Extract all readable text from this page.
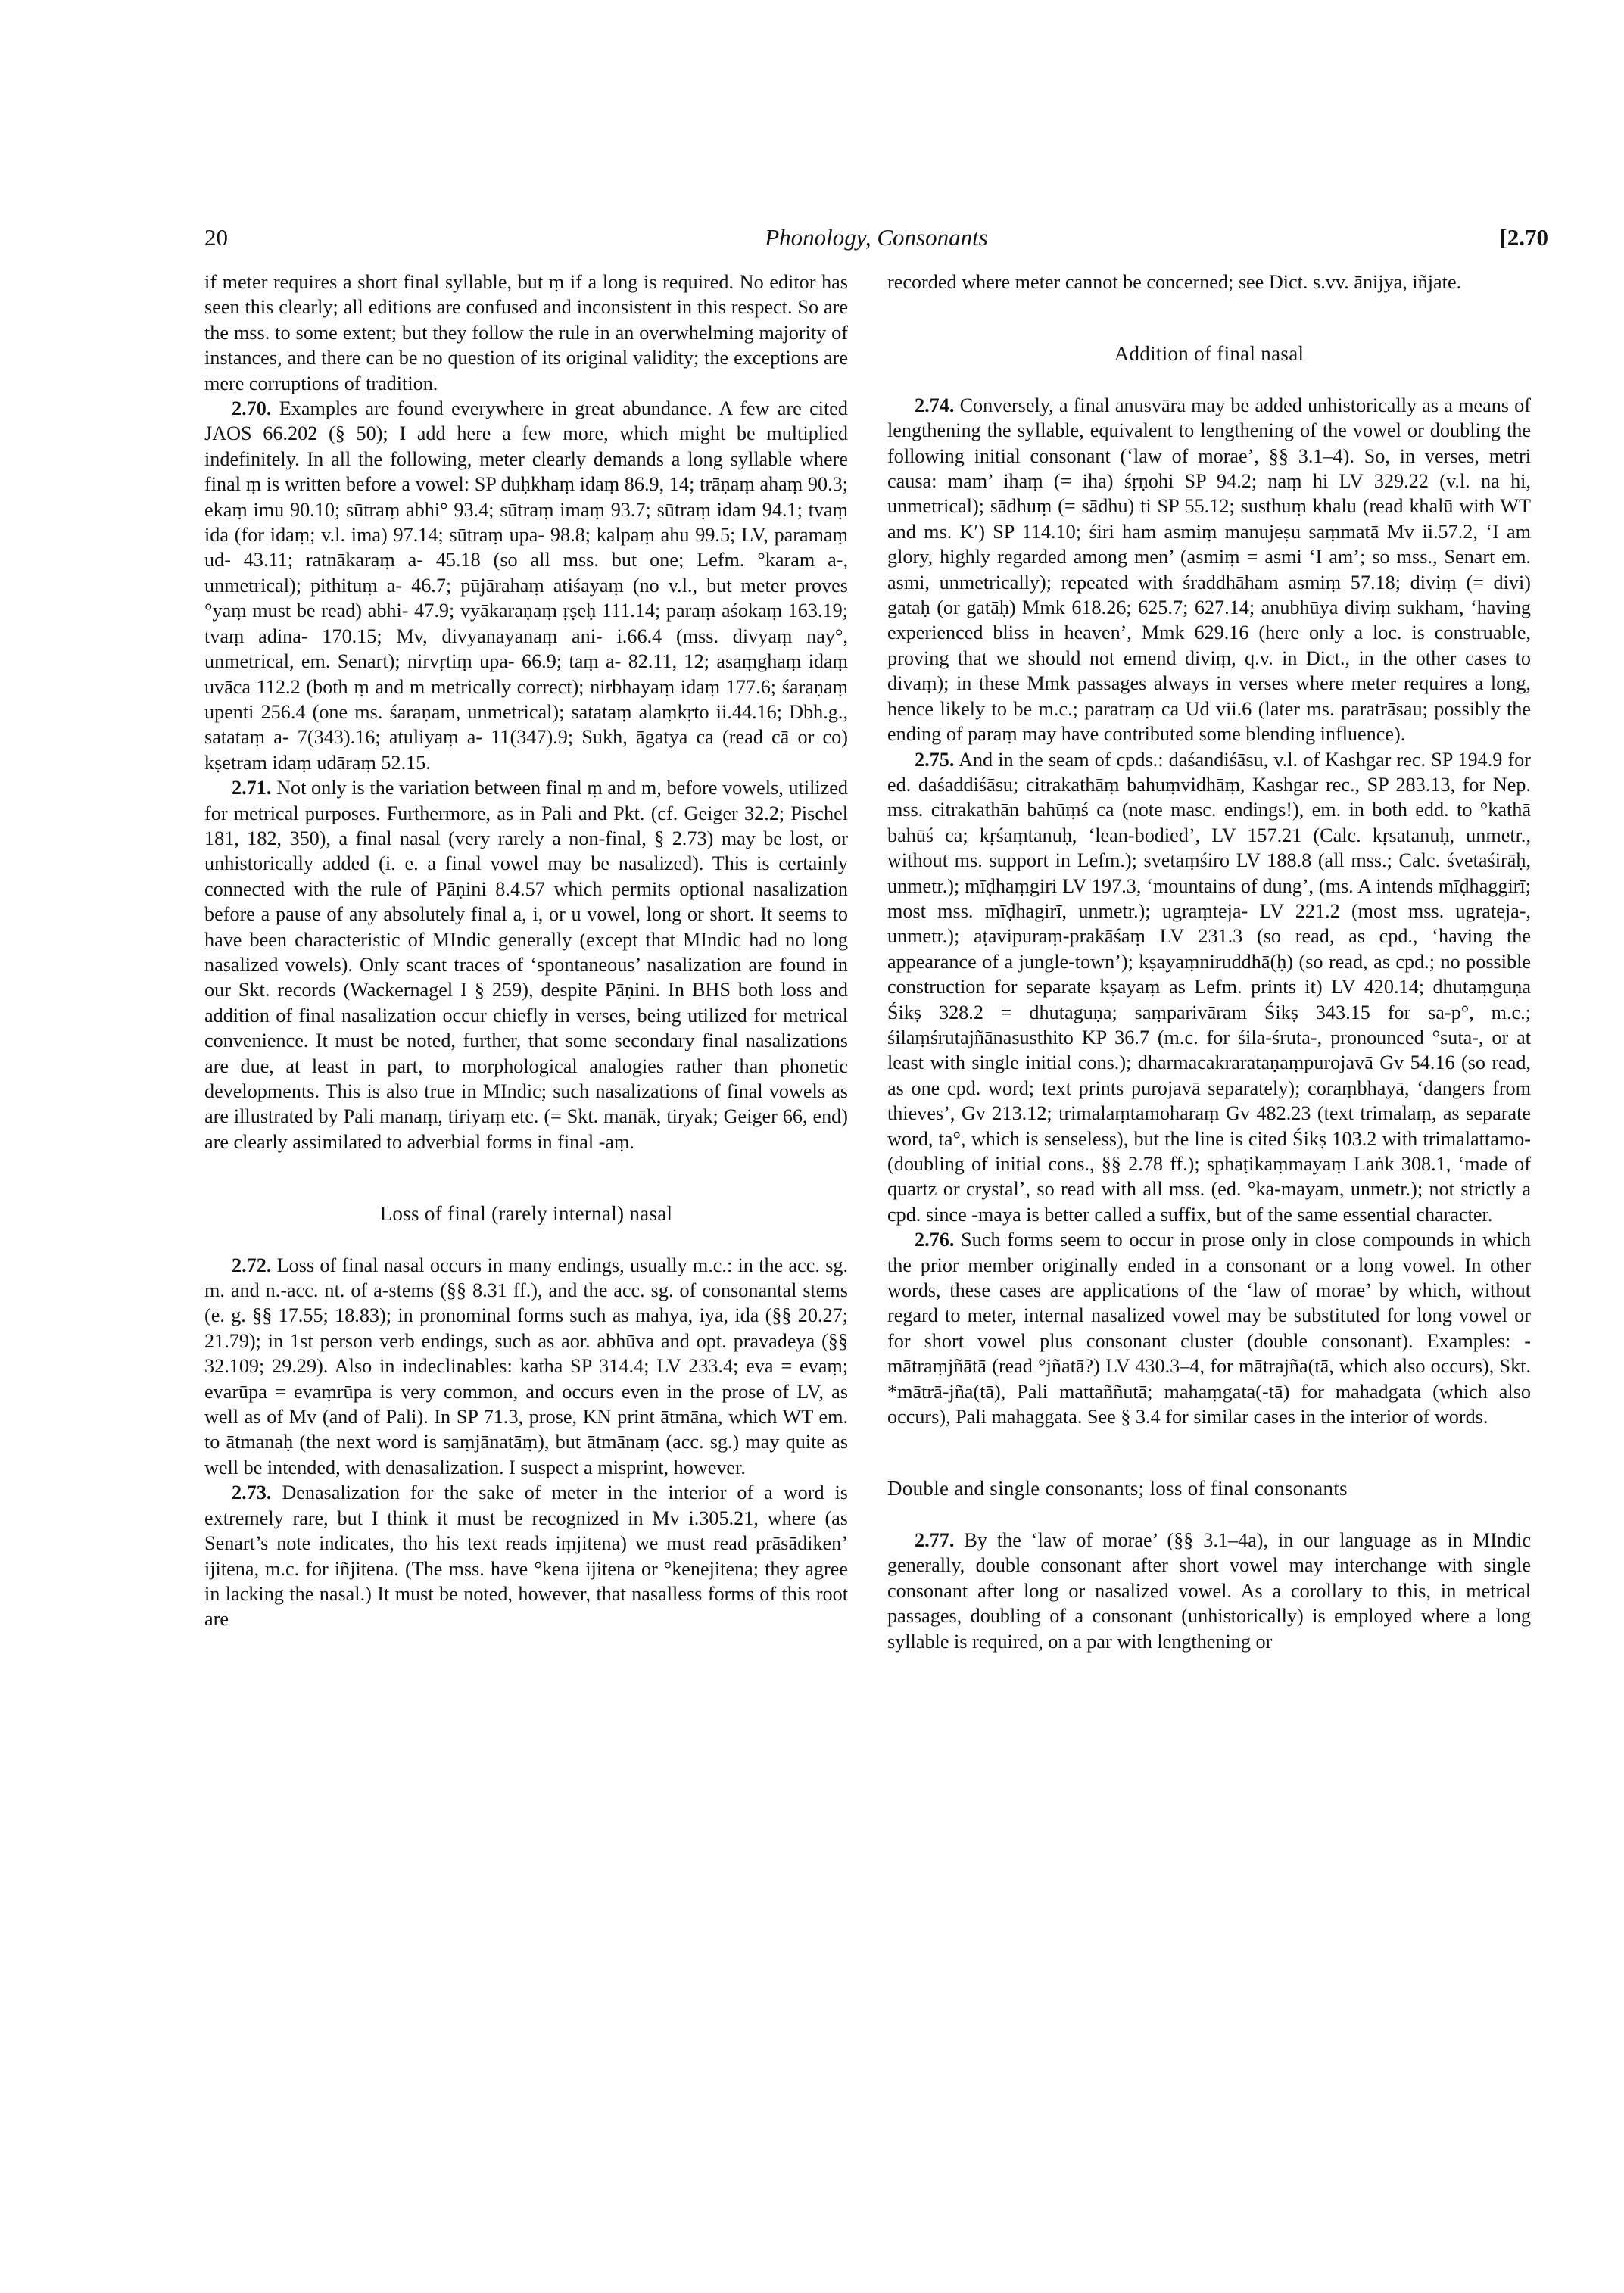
20	Phonology, Consonants	[2.70

if meter requires a short final syllable, but ṃ if a long is required. No editor has seen this clearly; all editions are confused and inconsistent in this respect. So are the mss. to some extent; but they follow the rule in an overwhelming majority of instances, and there can be no question of its original validity; the exceptions are mere corruptions of tradition.

2.70. Examples are found everywhere in great abundance. A few are cited JAOS 66.202 (§ 50); I add here a few more, which might be multiplied indefinitely. In all the following, meter clearly demands a long syllable where final ṃ is written before a vowel: SP duḥkhaṃ idaṃ 86.9, 14; trāṇaṃ ahaṃ 90.3; ekaṃ imu 90.10; sūtraṃ abhi° 93.4; sūtraṃ imaṃ 93.7; sūtraṃ idam 94.1; tvaṃ ida (for idaṃ; v.l. ima) 97.14; sūtraṃ upa- 98.8; kalpaṃ ahu 99.5; LV, paramaṃ ud- 43.11; ratnākaraṃ a- 45.18 (so all mss. but one; Lefm. °karam a-, unmetrical); pithituṃ a- 46.7; pūjārahaṃ atiśayaṃ (no v.l., but meter proves °yaṃ must be read) abhi- 47.9; vyākaraṇaṃ ṛṣeḥ 111.14; paraṃ aśokaṃ 163.19; tvaṃ adina- 170.15; Mv, divyanayanaṃ ani- i.66.4 (mss. divyaṃ nay°, unmetrical, em. Senart); nirvṛtiṃ upa- 66.9; taṃ a- 82.11, 12; asaṃghaṃ idaṃ uvāca 112.2 (both ṃ and m metrically correct); nirbhayaṃ idaṃ 177.6; śaraṇaṃ upenti 256.4 (one ms. śaraṇam, unmetrical); satataṃ alaṃkṛto ii.44.16; Dbh.g., satataṃ a- 7(343).16; atuliyaṃ a- 11(347).9; Sukh, āgatya ca (read cā or co) kṣetram idaṃ udāraṃ 52.15.

2.71. Not only is the variation between final ṃ and m, before vowels, utilized for metrical purposes. Furthermore, as in Pali and Pkt. (cf. Geiger 32.2; Pischel 181, 182, 350), a final nasal (very rarely a non-final, § 2.73) may be lost, or unhistorically added (i. e. a final vowel may be nasalized). This is certainly connected with the rule of Pāṇini 8.4.57 which permits optional nasalization before a pause of any absolutely final a, i, or u vowel, long or short. It seems to have been characteristic of MIndic generally (except that MIndic had no long nasalized vowels). Only scant traces of ‘spontaneous’ nasalization are found in our Skt. records (Wackernagel I § 259), despite Pāṇini. In BHS both loss and addition of final nasalization occur chiefly in verses, being utilized for metrical convenience. It must be noted, further, that some secondary final nasalizations are due, at least in part, to morphological analogies rather than phonetic developments. This is also true in MIndic; such nasalizations of final vowels as are illustrated by Pali manaṃ, tiriyaṃ etc. (= Skt. manāk, tiryak; Geiger 66, end) are clearly assimilated to adverbial forms in final -aṃ.

Loss of final (rarely internal) nasal

2.72. Loss of final nasal occurs in many endings, usually m.c.: in the acc. sg. m. and n.-acc. nt. of a-stems (§§ 8.31 ff.), and the acc. sg. of consonantal stems (e. g. §§ 17.55; 18.83); in pronominal forms such as mahya, iya, ida (§§ 20.27; 21.79); in 1st person verb endings, such as aor. abhūva and opt. pravadeya (§§ 32.109; 29.29). Also in indeclinables: katha SP 314.4; LV 233.4; eva = evaṃ; evarūpa = evaṃrūpa is very common, and occurs even in the prose of LV, as well as of Mv (and of Pali). In SP 71.3, prose, KN print ātmāna, which WT em. to ātmanaḥ (the next word is saṃjānatāṃ), but ātmānaṃ (acc. sg.) may quite as well be intended, with denasalization. I suspect a misprint, however.

2.73. Denasalization for the sake of meter in the interior of a word is extremely rare, but I think it must be recognized in Mv i.305.21, where (as Senart’s note indicates, tho his text reads iṃjitena) we must read prāsādiken’ ijitena, m.c. for iñjitena. (The mss. have °kena ijitena or °kenejitena; they agree in lacking the nasal.) It must be noted, however, that nasalless forms of this root are

recorded where meter cannot be concerned; see Dict. s.vv. ānijya, iñjate.

Addition of final nasal

2.74. Conversely, a final anusvāra may be added unhistorically as a means of lengthening the syllable, equivalent to lengthening of the vowel or doubling the following initial consonant (‘law of morae’, §§ 3.1–4). So, in verses, metri causa: mam’ ihaṃ (= iha) śṛṇohi SP 94.2; naṃ hi LV 329.22 (v.l. na hi, unmetrical); sādhuṃ (= sādhu) ti SP 55.12; susthuṃ khalu (read khalū with WT and ms. K′) SP 114.10; śiri ham asmiṃ manujeṣu saṃmatā Mv ii.57.2, ‘I am glory, highly regarded among men’ (asmiṃ = asmi ‘I am’; so mss., Senart em. asmi, unmetrically); repeated with śraddhāham asmiṃ 57.18; diviṃ (= divi) gataḥ (or gatāḥ) Mmk 618.26; 625.7; 627.14; anubhūya diviṃ sukham, ‘having experienced bliss in heaven’, Mmk 629.16 (here only a loc. is construable, proving that we should not emend diviṃ, q.v. in Dict., in the other cases to divaṃ); in these Mmk passages always in verses where meter requires a long, hence likely to be m.c.; paratraṃ ca Ud vii.6 (later ms. paratrāsau; possibly the ending of paraṃ may have contributed some blending influence).

2.75. And in the seam of cpds.: daśandiśāsu, v.l. of Kashgar rec. SP 194.9 for ed. daśaddiśāsu; citrakathāṃ bahuṃvidhāṃ, Kashgar rec., SP 283.13, for Nep. mss. citrakathān bahūṃś ca (note masc. endings!), em. in both edd. to °kathā bahūś ca; kṛśaṃtanuḥ, ‘lean-bodied’, LV 157.21 (Calc. kṛsatanuḥ, unmetr., without ms. support in Lefm.); svetaṃśiro LV 188.8 (all mss.; Calc. śvetaśirāḥ, unmetr.); mīḍhaṃgiri LV 197.3, ‘mountains of dung’, (ms. A intends mīḍhaggirī; most mss. mīḍhagirī, unmetr.); ugraṃteja- LV 221.2 (most mss. ugrateja-, unmetr.); aṭavipuraṃ-prakāśaṃ LV 231.3 (so read, as cpd., ‘having the appearance of a jungle-town’); kṣayaṃniruddhā(ḥ) (so read, as cpd.; no possible construction for separate kṣayaṃ as Lefm. prints it) LV 420.14; dhutaṃguṇa Śikṣ 328.2 = dhutaguṇa; saṃparivāram Śikṣ 343.15 for sa-p°, m.c.; śilaṃśrutajñānasusthito KP 36.7 (m.c. for śila-śruta-, pronounced °suta-, or at least with single initial cons.); dharmacakrarataṇaṃpurojavā Gv 54.16 (so read, as one cpd. word; text prints purojavā separately); coraṃbhayā, ‘dangers from thieves’, Gv 213.12; trimalaṃtamoharaṃ Gv 482.23 (text trimalaṃ, as separate word, ta°, which is senseless), but the line is cited Śikṣ 103.2 with trimalattamo- (doubling of initial cons., §§ 2.78 ff.); sphaṭikaṃmayaṃ Laṅk 308.1, ‘made of quartz or crystal’, so read with all mss. (ed. °ka-mayam, unmetr.); not strictly a cpd. since -maya is better called a suffix, but of the same essential character.

2.76. Such forms seem to occur in prose only in close compounds in which the prior member originally ended in a consonant or a long vowel. In other words, these cases are applications of the ‘law of morae’ by which, without regard to meter, internal nasalized vowel may be substituted for long vowel or for short vowel plus consonant cluster (double consonant). Examples: -mātraṃjñātā (read °jñatā?) LV 430.3–4, for mātrajña(tā, which also occurs), Skt. *mātrā-jña(tā), Pali mattaññutā; mahaṃgata(-tā) for mahadgata (which also occurs), Pali mahaggata. See § 3.4 for similar cases in the interior of words.

Double and single consonants; loss of final consonants

2.77. By the ‘law of morae’ (§§ 3.1–4a), in our language as in MIndic generally, double consonant after short vowel may interchange with single consonant after long or nasalized vowel. As a corollary to this, in metrical passages, doubling of a consonant (unhistorically) is employed where a long syllable is required, on a par with lengthening or
